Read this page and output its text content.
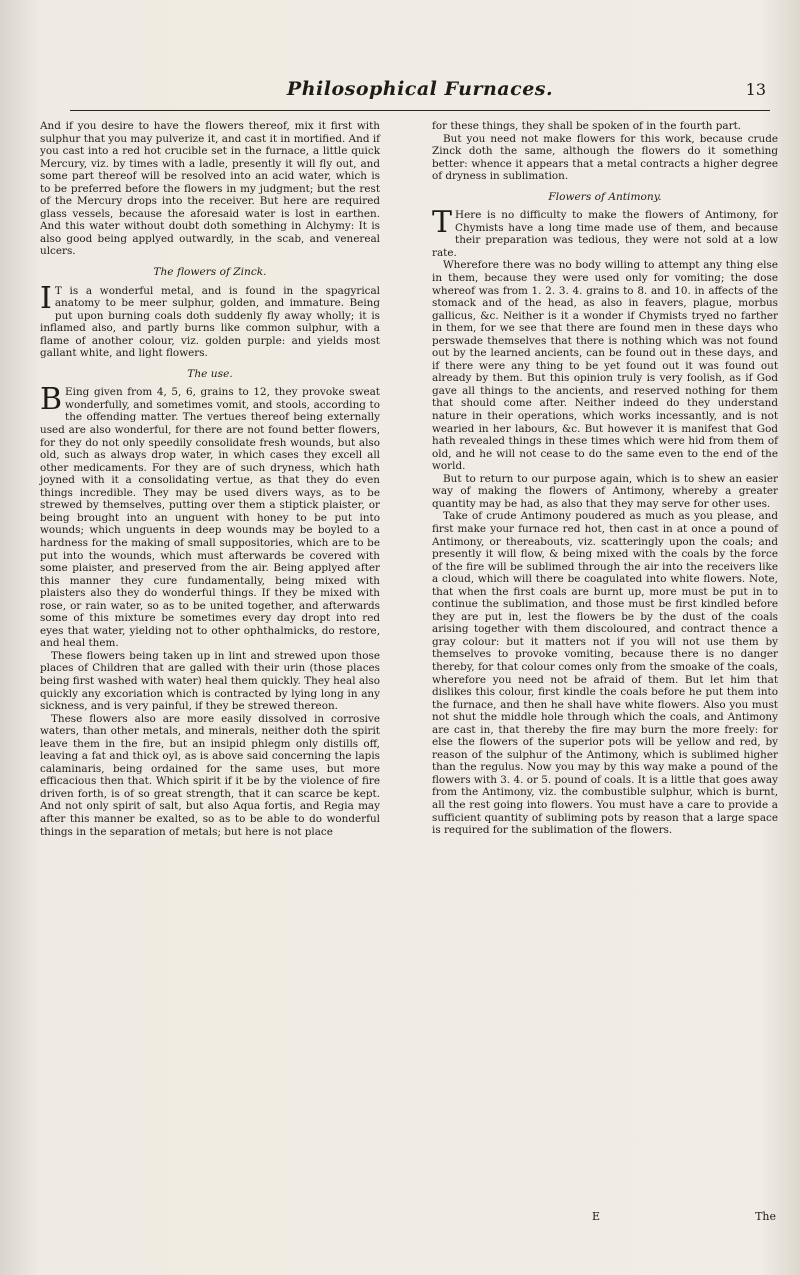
Philosophical Furnaces.	13

And if you desire to have the flowers thereof, mix it first with sulphur that you may pulverize it, and cast it in mortified. And if you cast into a red hot crucible set in the furnace, a little quick Mercury, viz. by times with a ladle, presently it will fly out, and some part thereof will be resolved into an acid water, which is to be preferred before the flowers in my judgment; but the rest of the Mercury drops into the receiver. But here are required glass vessels, because the aforesaid water is lost in earthen. And this water without doubt doth something in Alchymy: It is also good being applyed outwardly, in the scab, and venereal ulcers.

The flowers of Zinck.

I T is a wonderful metal, and is found in the spagyrical anatomy to be meer sulphur, golden, and immature. Being put upon burning coals doth suddenly fly away wholly; it is inflamed also, and partly burns like common sulphur, with a flame of another colour, viz. golden purple: and yields most gallant white, and light flowers.

The use.

B Eing given from 4, 5, 6, grains to 12, they provoke sweat wonderfully, and sometimes vomit, and stools, according to the offending matter. The vertues thereof being externally used are also wonderful, for there are not found better flowers, for they do not only speedily consolidate fresh wounds, but also old, such as always drop water, in which cases they excell all other medicaments. For they are of such dryness, which hath joyned with it a consolidating vertue, as that they do even things incredible. They may be used divers ways, as to be strewed by themselves, putting over them a stiptick plaister, or being brought into an unguent with honey to be put into wounds; which unguents in deep wounds may be boyled to a hardness for the making of small suppositories, which are to be put into the wounds, which must afterwards be covered with some plaister, and preserved from the air. Being applyed after this manner they cure fundamentally, being mixed with plaisters also they do wonderful things. If they be mixed with rose, or rain water, so as to be united together, and afterwards some of this mixture be sometimes every day dropt into red eyes that water, yielding not to other ophthalmicks, do restore, and heal them.

These flowers being taken up in lint and strewed upon those places of Children that are galled with their urin (those places being first washed with water) heal them quickly. They heal also quickly any excoriation which is contracted by lying long in any sickness, and is very painful, if they be strewed thereon.

These flowers also are more easily dissolved in corrosive waters, than other metals, and minerals, neither doth the spirit leave them in the fire, but an insipid phlegm only distills off, leaving a fat and thick oyl, as is above said concerning the lapis calaminaris, being ordained for the same uses, but more efficacious then that. Which spirit if it be by the violence of fire driven forth, is of so great strength, that it can scarce be kept. And not only spirit of salt, but also Aqua fortis, and Regia may after this manner be exalted, so as to be able to do wonderful things in the separation of metals; but here is not place

for these things, they shall be spoken of in the fourth part.

But you need not make flowers for this work, because crude Zinck doth the same, although the flowers do it something better: whence it appears that a metal contracts a higher degree of dryness in sublimation.

Flowers of Antimony.

T Here is no difficulty to make the flowers of Antimony, for Chymists have a long time made use of them, and because their preparation was tedious, they were not sold at a low rate.

Wherefore there was no body willing to attempt any thing else in them, because they were used only for vomiting; the dose whereof was from 1. 2. 3. 4. grains to 8. and 10. in affects of the stomack and of the head, as also in feavers, plague, morbus gallicus, &c. Neither is it a wonder if Chymists tryed no farther in them, for we see that there are found men in these days who perswade themselves that there is nothing which was not found out by the learned ancients, can be found out in these days, and if there were any thing to be yet found out it was found out already by them. But this opinion truly is very foolish, as if God gave all things to the ancients, and reserved nothing for them that should come after. Neither indeed do they understand nature in their operations, which works incessantly, and is not wearied in her labours, &c. But however it is manifest that God hath revealed things in these times which were hid from them of old, and he will not cease to do the same even to the end of the world.

But to return to our purpose again, which is to shew an easier way of making the flowers of Antimony, whereby a greater quantity may be had, as also that they may serve for other uses.

Take of crude Antimony poudered as much as you please, and first make your furnace red hot, then cast in at once a pound of Antimony, or thereabouts, viz. scatteringly upon the coals; and presently it will flow, & being mixed with the coals by the force of the fire will be sublimed through the air into the receivers like a cloud, which will there be coagulated into white flowers. Note, that when the first coals are burnt up, more must be put in to continue the sublimation, and those must be first kindled before they are put in, lest the flowers be by the dust of the coals arising together with them discoloured, and contract thence a gray colour: but it matters not if you will not use them by themselves to provoke vomiting, because there is no danger thereby, for that colour comes only from the smoake of the coals, wherefore you need not be afraid of them. But let him that dislikes this colour, first kindle the coals before he put them into the furnace, and then he shall have white flowers. Also you must not shut the middle hole through which the coals, and Antimony are cast in, that thereby the fire may burn the more freely: for else the flowers of the superior pots will be yellow and red, by reason of the sulphur of the Antimony, which is sublimed higher than the regulus. Now you may by this way make a pound of the flowers with 3. 4. or 5. pound of coals. It is a little that goes away from the Antimony, viz. the combustible sulphur, which is burnt, all the rest going into flowers. You must have a care to provide a sufficient quantity of subliming pots by reason that a large space is required for the sublimation of the flowers.

E	The
